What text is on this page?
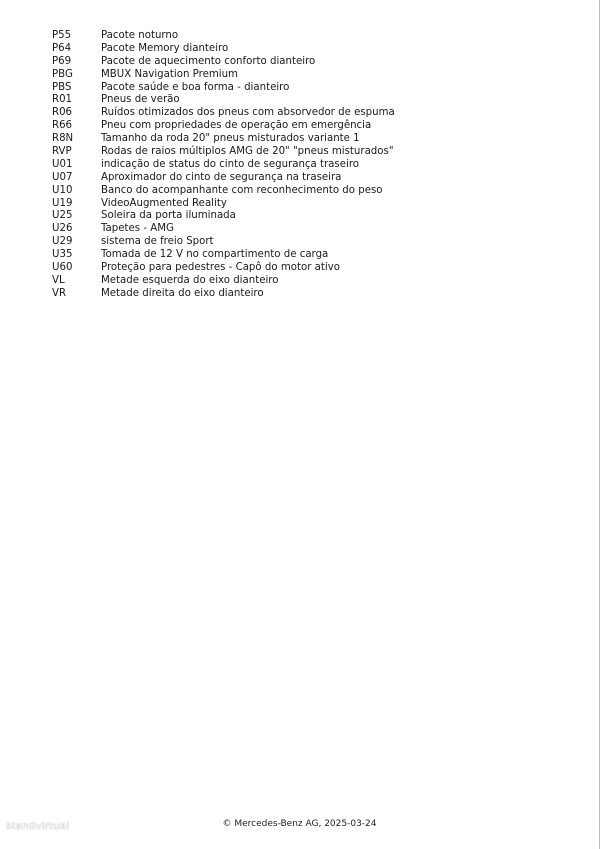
P55	Pacote noturno
P64	Pacote Memory dianteiro
P69	Pacote de aquecimento conforto dianteiro
PBG	MBUX Navigation Premium
PBS	Pacote saúde e boa forma - dianteiro
R01	Pneus de verão
R06	Ruídos otimizados dos pneus com absorvedor de espuma
R66	Pneu com propriedades de operação em emergência
R8N	Tamanho da roda 20" pneus misturados variante 1
RVP	Rodas de raios múltiplos AMG de 20" "pneus misturados"
U01	indicação de status do cinto de segurança traseiro
U07	Aproximador do cinto de segurança na traseira
U10	Banco do acompanhante com reconhecimento do peso
U19	VideoAugmented Reality
U25	Soleira da porta iluminada
U26	Tapetes - AMG
U29	sistema de freio Sport
U35	Tomada de 12 V no compartimento de carga
U60	Proteção para pedestres - Capô do motor ativo
VL	Metade esquerda do eixo dianteiro
VR	Metade direita do eixo dianteiro
© Mercedes-Benz AG, 2025-03-24
standvirtual
